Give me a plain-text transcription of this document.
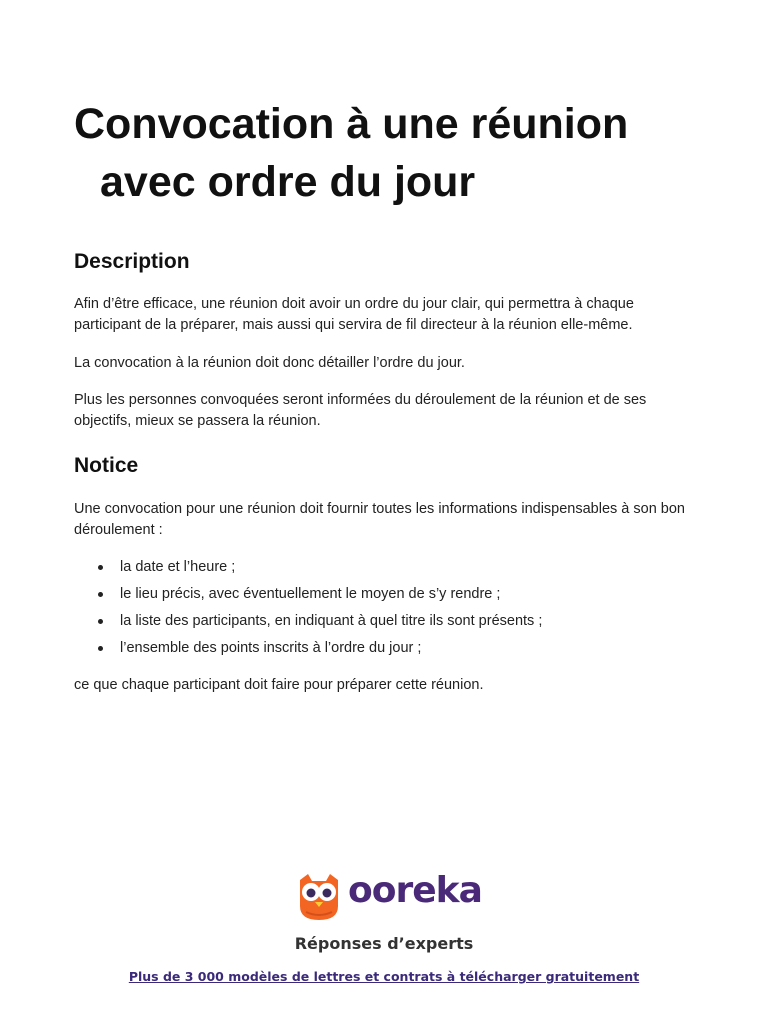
Convocation à une réunion
avec ordre du jour
Description

Afin d’être efficace, une réunion doit avoir un ordre du jour clair, qui permettra à chaque participant de la préparer, mais aussi qui servira de fil directeur à la réunion elle-même.

La convocation à la réunion doit donc détailler l’ordre du jour.

Plus les personnes convoquées seront informées du déroulement de la réunion et de ses objectifs, mieux se passera la réunion.

Notice

Une convocation pour une réunion doit fournir toutes les informations indispensables à son bon déroulement :

la date et l’heure ;
le lieu précis, avec éventuellement le moyen de s’y rendre ;
la liste des participants, en indiquant à quel titre ils sont présents ;
l’ensemble des points inscrits à l’ordre du jour ;

ce que chaque participant doit faire pour préparer cette réunion.

ooreka
Réponses d’experts
Plus de 3 000 modèles de lettres et contrats à télécharger gratuitement
